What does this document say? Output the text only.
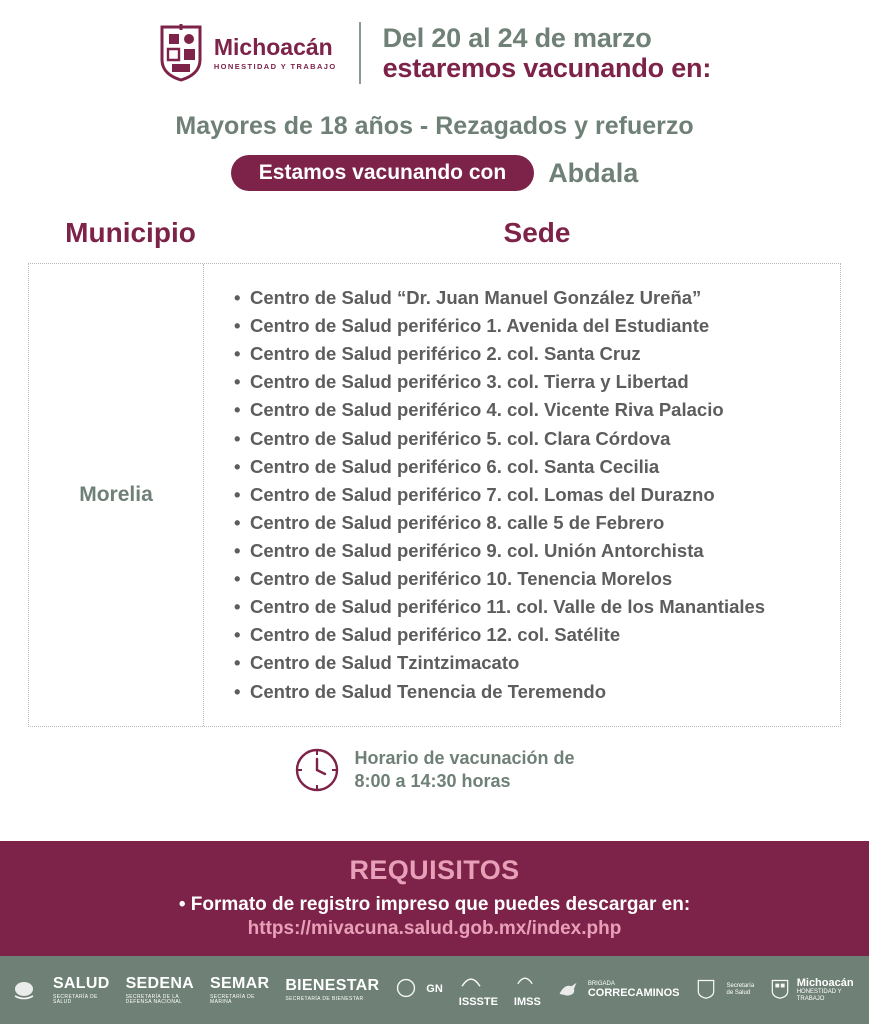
Michoacán
HONESTIDAD Y TRABAJO
Del 20 al 24 de marzo
estaremos vacunando en:
Mayores de 18 años - Rezagados y refuerzo
Estamos vacunando con	Abdala
Municipio	Sede
Morelia
• Centro de Salud “Dr. Juan Manuel González Ureña”
• Centro de Salud periférico 1. Avenida del Estudiante
• Centro de Salud periférico 2. col. Santa Cruz
• Centro de Salud periférico 3. col. Tierra y Libertad
• Centro de Salud periférico 4. col. Vicente Riva Palacio
• Centro de Salud periférico 5. col. Clara Córdova
• Centro de Salud periférico 6. col. Santa Cecilia
• Centro de Salud periférico 7. col. Lomas del Durazno
• Centro de Salud periférico 8. calle 5 de Febrero
• Centro de Salud periférico 9. col. Unión Antorchista
• Centro de Salud periférico 10. Tenencia Morelos
• Centro de Salud periférico 11. col. Valle de los Manantiales
• Centro de Salud periférico 12. col. Satélite
• Centro de Salud Tzintzimacato
• Centro de Salud Tenencia de Teremendo
Horario de vacunación de
8:00 a 14:30 horas
REQUISITOS
• Formato de registro impreso que puedes descargar en:
https://mivacuna.salud.gob.mx/index.php
SALUD
SECRETARÍA DE SALUD
SEDENA
SECRETARÍA DE LA DEFENSA NACIONAL
SEMAR
SECRETARÍA DE MARINA
BIENESTAR
SECRETARÍA DE BIENESTAR
GN
ISSSTE IMSS
BRIGADA
CORRECAMINOS
Secretaría
de Salud
Michoacán
HONESTIDAD Y TRABAJO
